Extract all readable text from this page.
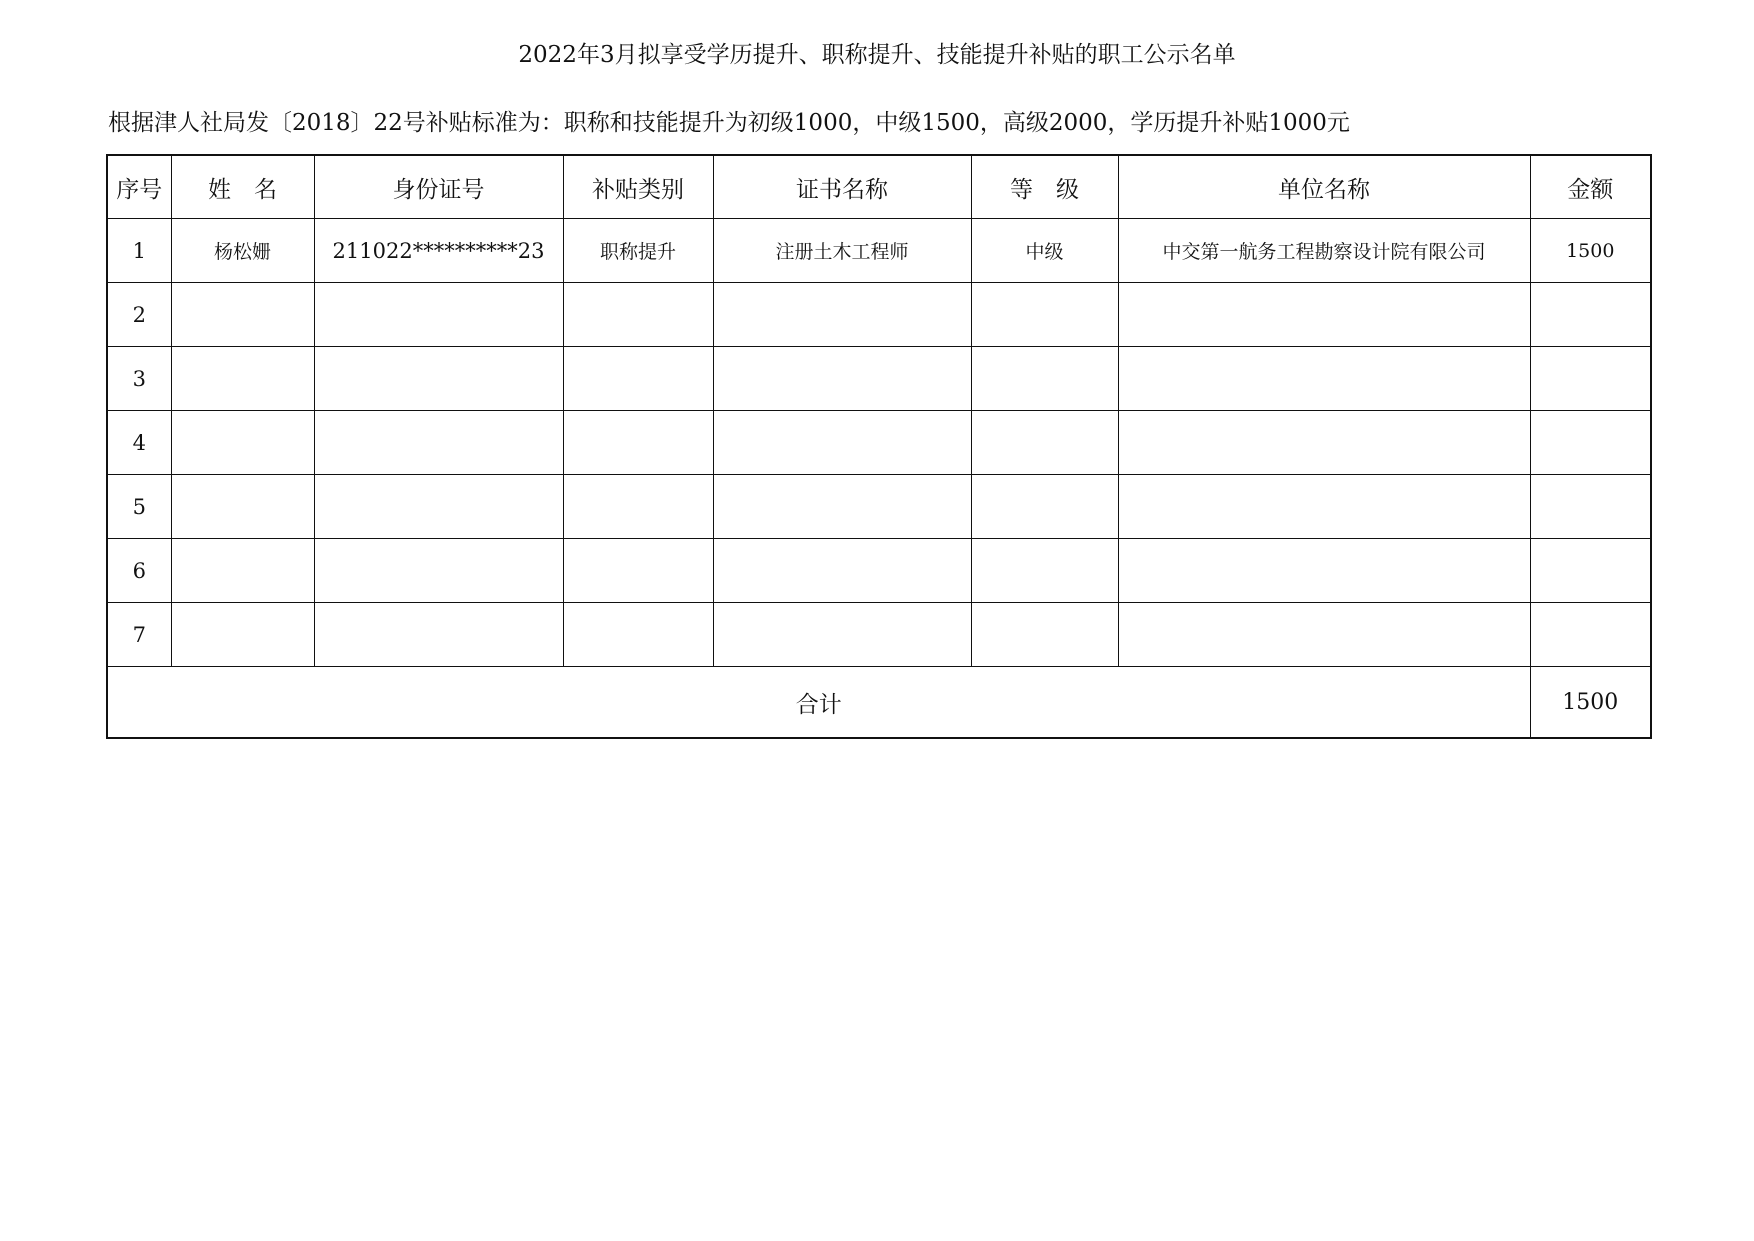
2022年3月拟享受学历提升、职称提升、技能提升补贴的职工公示名单
根据津人社局发〔2018〕22号补贴标准为：职称和技能提升为初级1000，中级1500，高级2000，学历提升补贴1000元
序号	姓　名	身份证号	补贴类别	证书名称	等　级	单位名称	金额
1	杨松姗	211022**********23	职称提升	注册土木工程师	中级	中交第一航务工程勘察设计院有限公司	1500
2							
3							
4							
5							
6							
7							
合计							1500
